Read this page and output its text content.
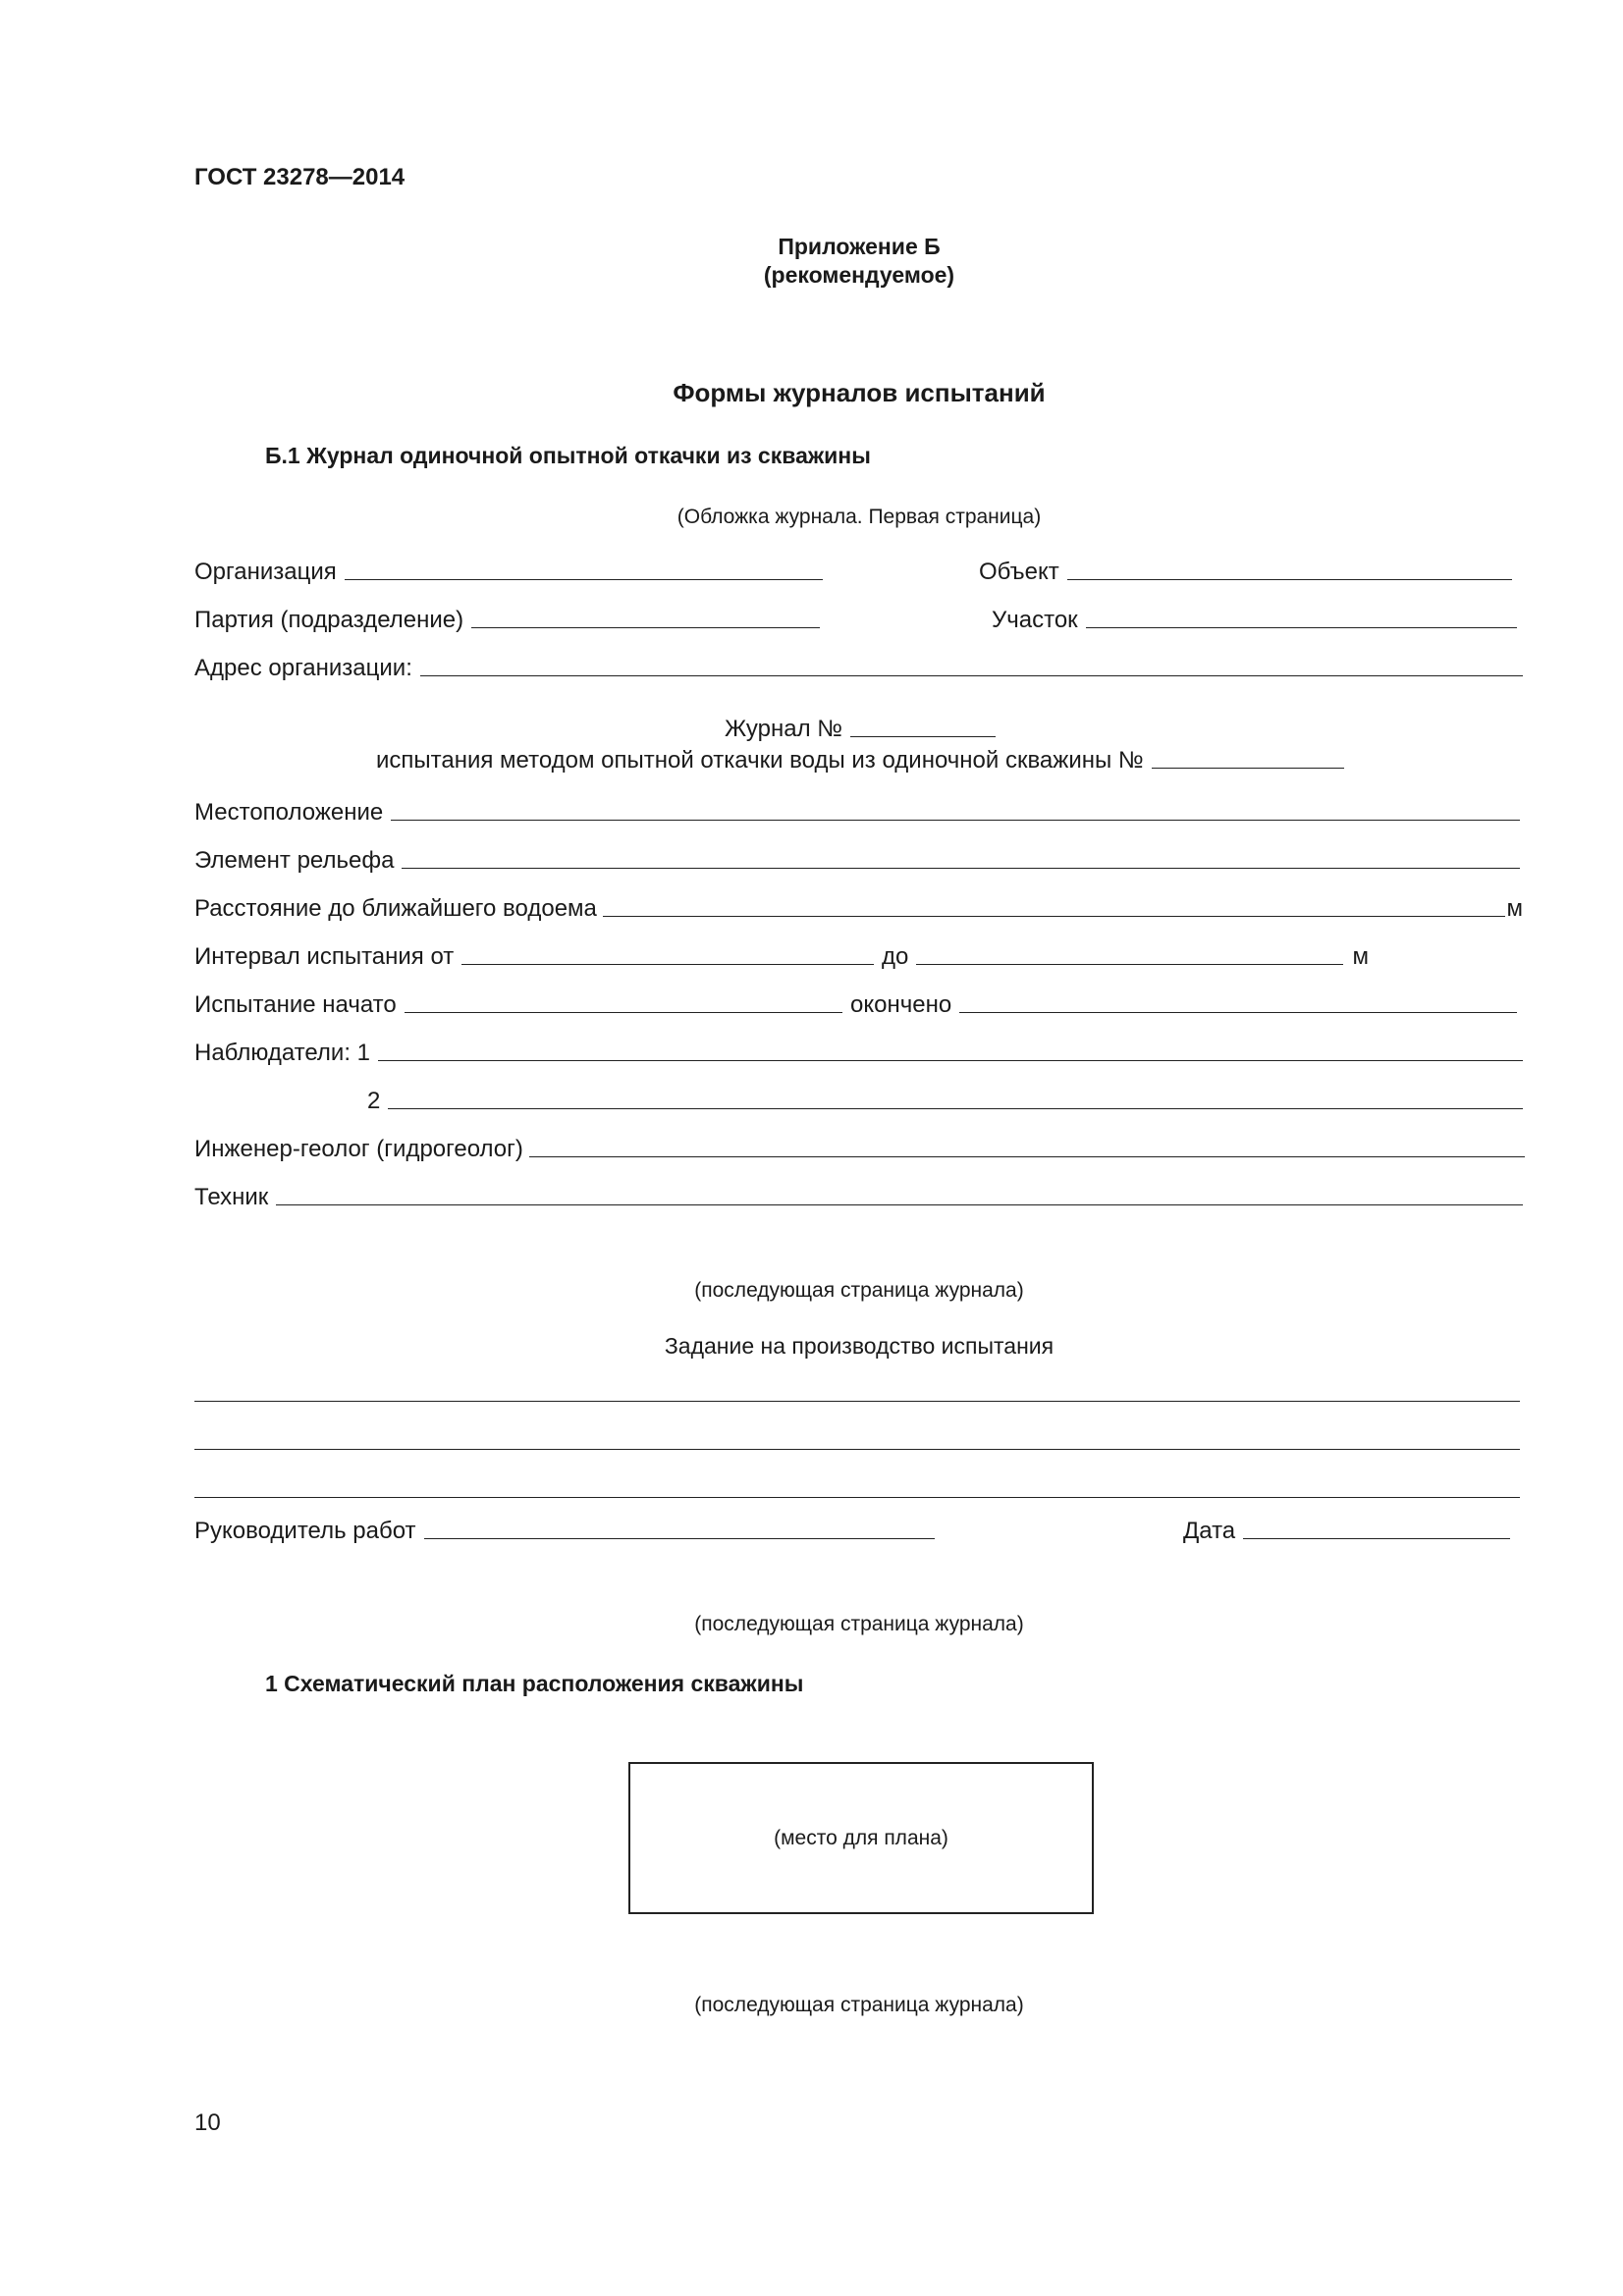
ГОСТ 23278—2014
Приложение Б
(рекомендуемое)
Формы журналов испытаний
Б.1 Журнал одиночной опытной откачки из скважины
(Обложка журнала. Первая страница)
Организация	Объект
Партия (подразделение)	Участок
Адрес организации:
Журнал №
испытания методом опытной откачки воды из одиночной скважины №
Местоположение
Элемент рельефа
Расстояние до ближайшего водоема	м
Интервал испытания от	до	м
Испытание начато	окончено
Наблюдатели: 1
2
Инженер-геолог (гидрогеолог)
Техник
(последующая страница журнала)
Задание на производство испытания
Руководитель работ	Дата
(последующая страница журнала)
1 Схематический план расположения скважины
(место для плана)
(последующая страница журнала)
10
